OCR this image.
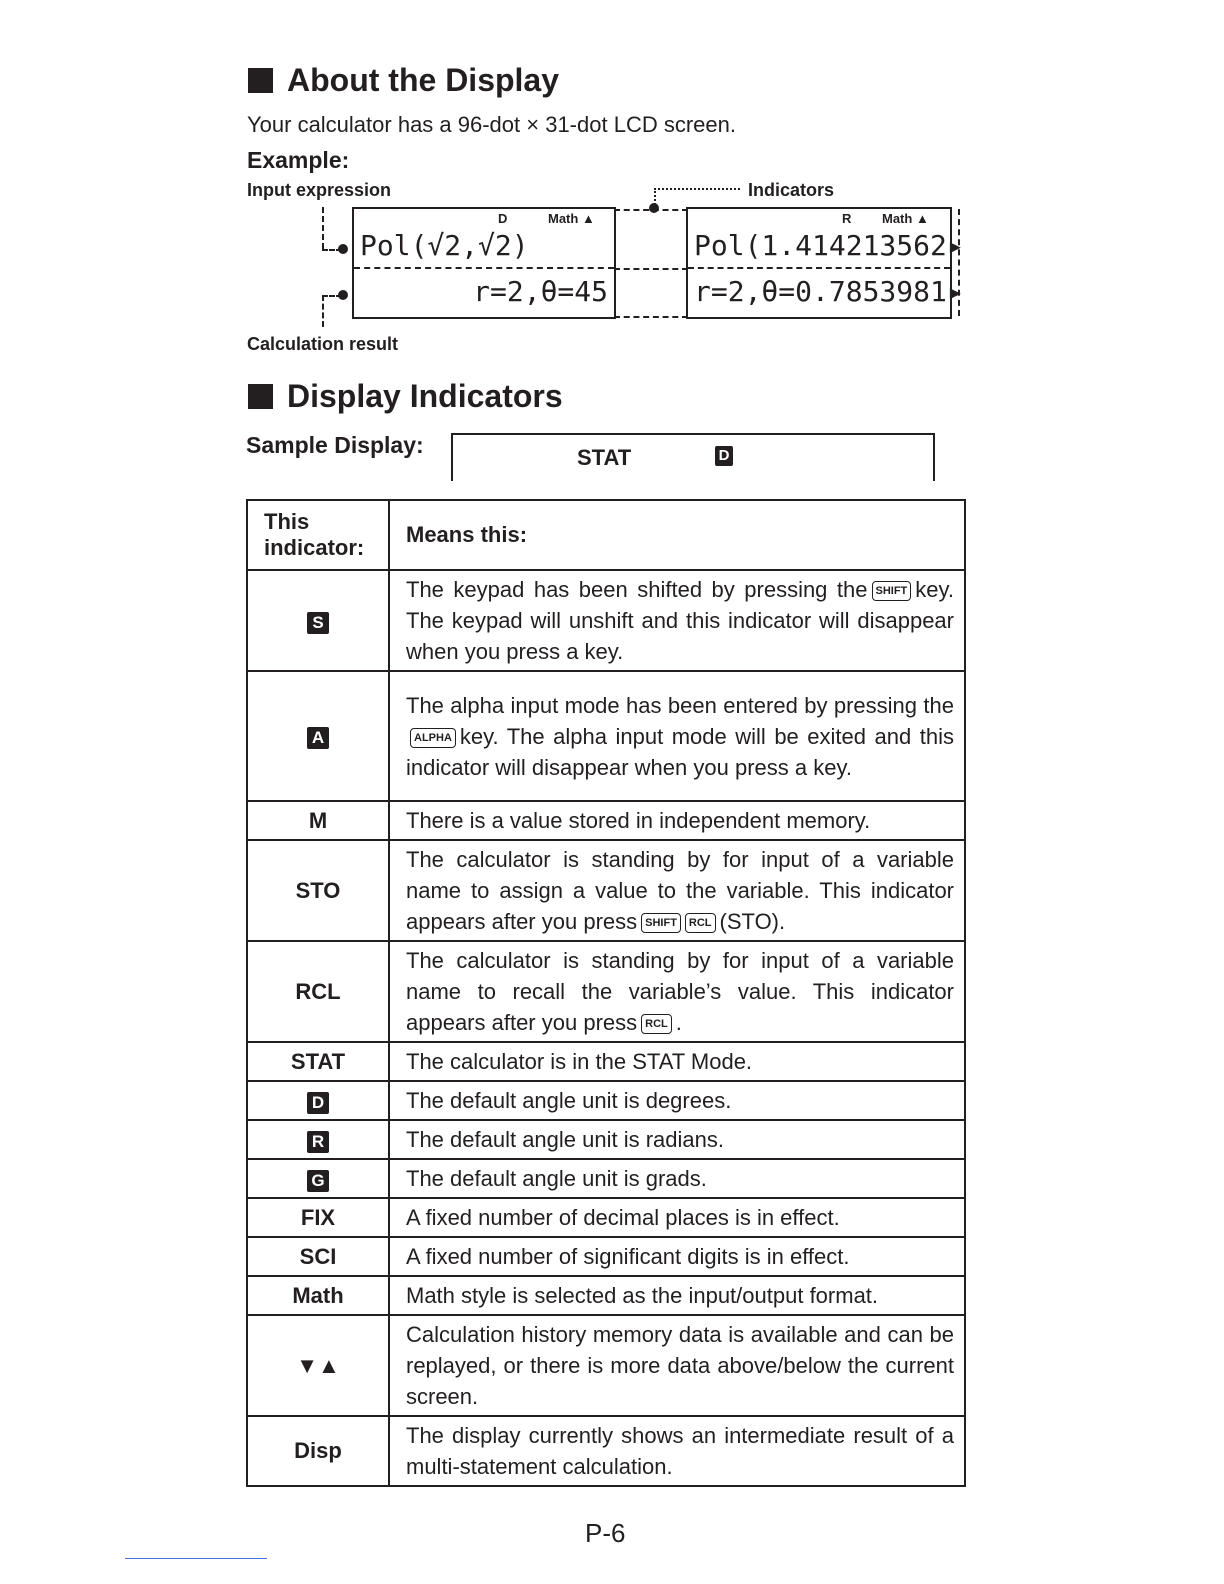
About the Display
Your calculator has a 96-dot × 31-dot LCD screen.
Example:
Input expression	Indicators
Calculation result
D	Math ▲
Pol(√2,√2)
r=2,θ=45
R Math ▲
Pol(1.414213562▸
r=2,θ=0.7853981▸
Display Indicators
Sample Display:	STAT	D
This indicator:	Means this:
S	The keypad has been shifted by pressing the SHIFT key. The keypad will unshift and this indicator will disappear when you press a key.
A	The alpha input mode has been entered by pressing theALPHA key. The alpha input mode will be exited and this indicator will disappear when you press a key.
M	There is a value stored in independent memory.
STO	The calculator is standing by for input of a variable name to assign a value to the variable. This indicator appears after you press SHIFT RCL (STO).
RCL	The calculator is standing by for input of a variable name to recall the variable’s value. This indicator appears after you press RCL .
STAT	The calculator is in the STAT Mode.
D	The default angle unit is degrees.
R	The default angle unit is radians.
G	The default angle unit is grads.
FIX	A fixed number of decimal places is in effect.
SCI	A fixed number of significant digits is in effect.
Math	Math style is selected as the input/output format.
▼▲	Calculation history memory data is available and can be replayed, or there is more data above/below the current screen.
Disp	The display currently shows an intermediate result of a multi-statement calculation.
P-6
